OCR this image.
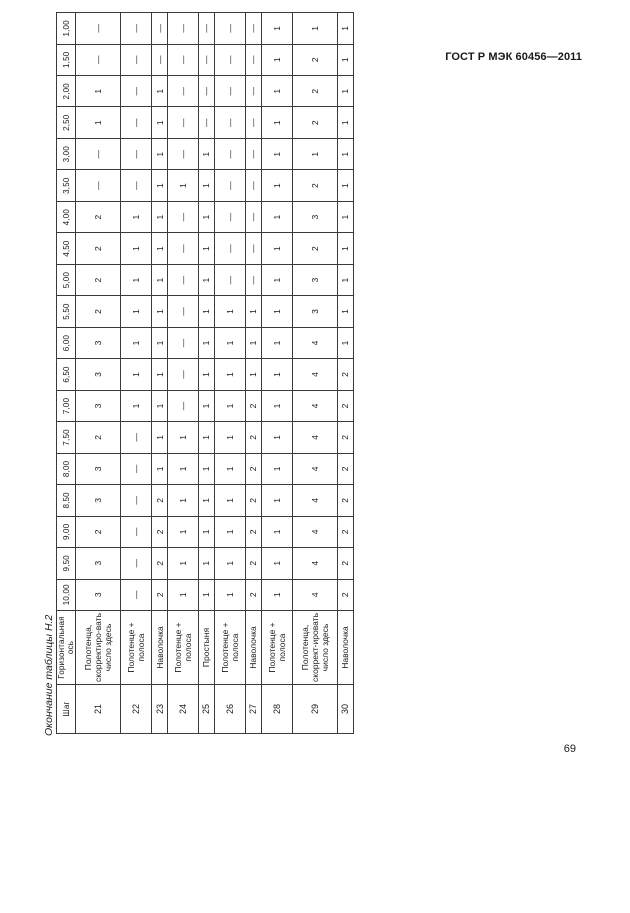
ГОСТ Р МЭК 60456—2011
Окончание таблицы Н.2 Шаг	Горизонтальная ось	10,00	9,50	9,00	8,50	8,00	7,50	7,00	6,50	6,00	5,50	5,00	4,50	4,00	3,50	3,00	2,50	2,00	1,50	1,00
21	Полотенца, скорректиро-вать число здесь	3	3	2	3	3	2	3	3	3	2	2	2	2	—	—	1	1	—	—
22	Полотенце + полоса	—	—	—	—	—	—	1	1	1	1	1	1	1	—	—	—	—	—	—
23	Наволочка	2	2	2	2	1	1	1	1	1	1	1	1	1	1	1	1	1	—	—
24	Полотенце + полоса	1	1	1	1	1	1	—	—	—	—	—	—	—	1	—	—	—	—	—
25	Простыня	1	1	1	1	1	1	1	1	1	1	1	1	1	1	1	—	—	—	—
26	Полотенце + полоса	1	1	1	1	1	1	1	1	1	1	—	—	—	—	—	—	—	—	—
27	Наволочка	2	2	2	2	2	2	2	1	1	1	—	—	—	—	—	—	—	—	—
28	Полотенце + полоса	1	1	1	1	1	1	1	1	1	1	1	1	1	1	1	1	1	1	1
29	Полотенца, скоррект-ировать число здесь	4	4	4	4	4	4	4	4	4	3	3	2	3	2	1	2	2	2	1
30	Наволочка	2	2	2	2	2	2	2	2	1	1	1	1	1	1	1	1	1	1	1
69
